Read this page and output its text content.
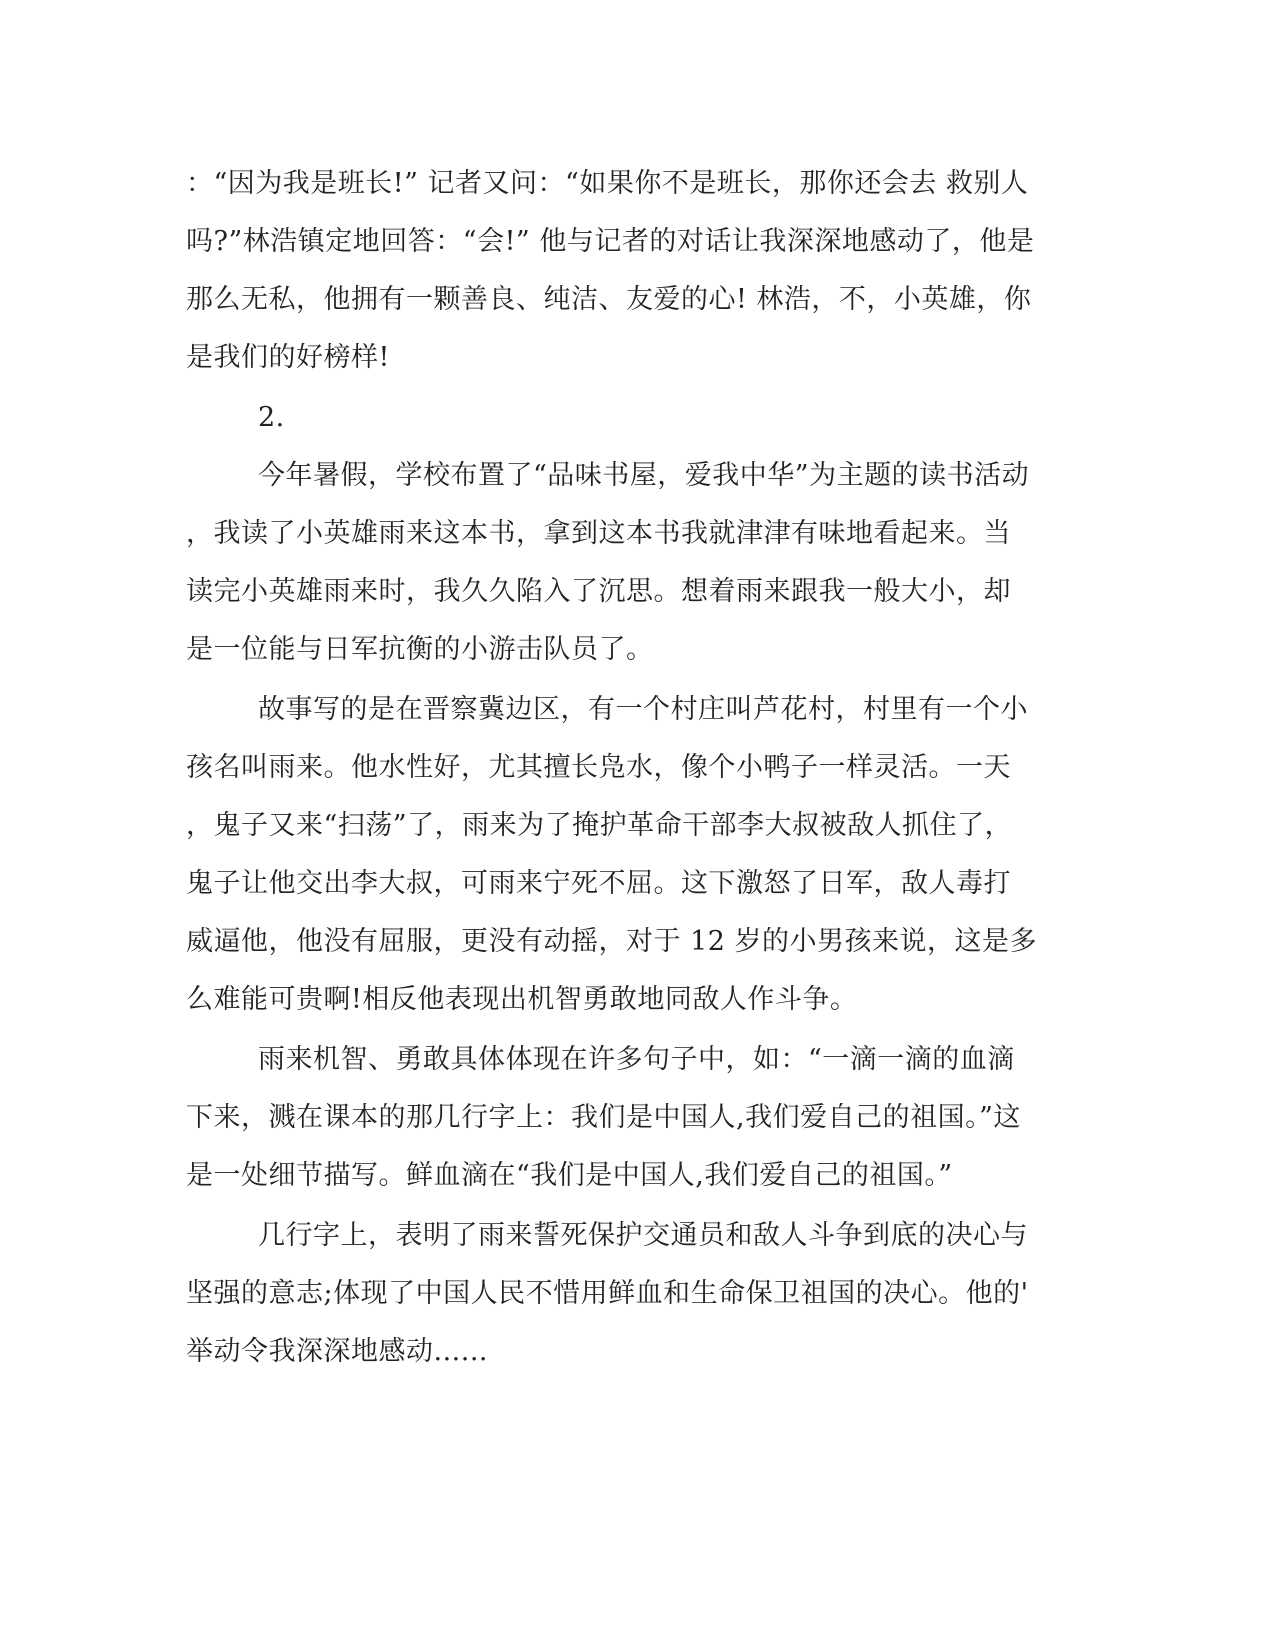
：“因为我是班长!” 记者又问：“如果你不是班长，那你还会去 救别人
吗?”林浩镇定地回答：“会!” 他与记者的对话让我深深地感动了，他是
那么无私，他拥有一颗善良、纯洁、友爱的心! 林浩，不，小英雄，你
是我们的好榜样!
2.
今年暑假，学校布置了“品味书屋，爱我中华”为主题的读书活动
，我读了小英雄雨来这本书，拿到这本书我就津津有味地看起来。当
读完小英雄雨来时，我久久陷入了沉思。想着雨来跟我一般大小，却
是一位能与日军抗衡的小游击队员了。
故事写的是在晋察冀边区，有一个村庄叫芦花村，村里有一个小
孩名叫雨来。他水性好，尤其擅长凫水，像个小鸭子一样灵活。一天
，鬼子又来“扫荡”了，雨来为了掩护革命干部李大叔被敌人抓住了，
鬼子让他交出李大叔，可雨来宁死不屈。这下激怒了日军，敌人毒打
威逼他，他没有屈服，更没有动摇，对于 12 岁的小男孩来说，这是多
么难能可贵啊!相反他表现出机智勇敢地同敌人作斗争。
雨来机智、勇敢具体体现在许多句子中，如：“一滴一滴的血滴
下来，溅在课本的那几行字上：我们是中国人,我们爱自己的祖国。”这
是一处细节描写。鲜血滴在“我们是中国人,我们爱自己的祖国。”
几行字上，表明了雨来誓死保护交通员和敌人斗争到底的决心与
坚强的意志;体现了中国人民不惜用鲜血和生命保卫祖国的决心。他的'
举动令我深深地感动......
